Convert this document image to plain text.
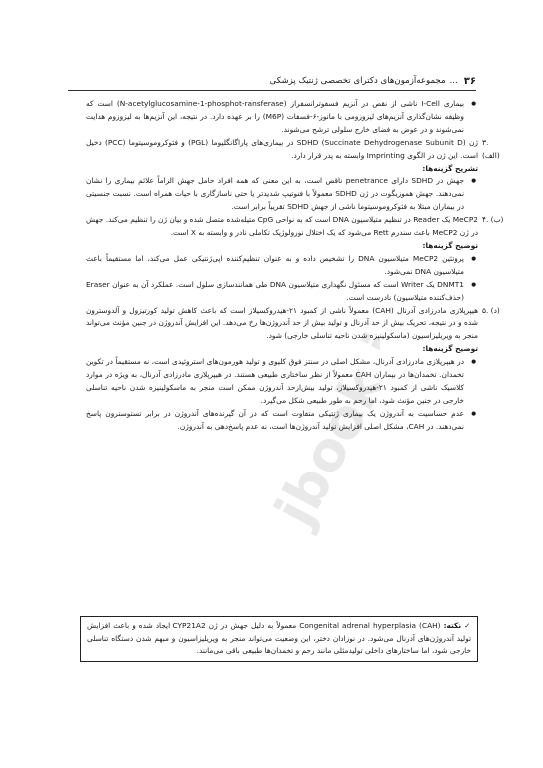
۳۶
...
مجموعه‌آزمون‌های دکترای تخصصی ژنتیک پزشکی
jbook.ir
● بیماری I-Cell ناشی از نقص در آنزیم فسفوترانسفراز (N-acetylglucosamine-1-phosphot-ransferase) است که وظیفه نشان‌گذاری آنزیم‌های لیزوزومی با مانوز-۶-فسفات (M6P) را بر عهده دارد. در نتیجه، این آنزیم‌ها به لیزوزوم هدایت نمی‌شوند و در عوض به فضای خارج سلولی ترشح می‌شوند.
۳. (الف)
ژن SDHD (Succinate Dehydrogenase Subunit D) در بیماری‌های پاراگانگلیوما (PGL) و فئوکروموسیتوما (PCC) دخیل است. این ژن در الگوی Imprinting وابسته به پدر قرار دارد.
تشریح گزینه‌ها:
● جهش در SDHD دارای penetrance ناقص است، به این معنی که همه افراد حامل جهش الزاماً علائم بیماری را نشان نمی‌دهند. جهش هموزیگوت در ژن SDHD معمولاً با فنوتیپ شدیدتر یا حتی ناسازگاری با حیات همراه است. نسبت جنسیتی در بیماران مبتلا به فئوکروموسیتوما ناشی از جهش SDHD تقریباً برابر است.
۴. (ب)
MeCP2 یک Reader در تنظیم متیلاسیون DNA است که به نواحی CpG متیله‌شده متصل شده و بیان ژن را تنظیم می‌کند. جهش در ژن MeCP2 باعث سندرم Rett می‌شود که یک اختلال نورولوژیک تکاملی نادر و وابسته به X است.
توضیح گزینه‌ها:
● پروتئین MeCP2 متیلاسیون DNA را تشخیص داده و به عنوان تنظیم‌کننده اپی‌ژنتیکی عمل می‌کند، اما مستقیماً باعث متیلاسیون DNA نمی‌شود.
● DNMT1 یک Writer است که مسئول نگهداری متیلاسیون DNA طی همانندسازی سلول است. عملکرد آن به عنوان Eraser (حذف‌کننده متیلاسیون) نادرست است.
۵. (د)
هیپرپلازی مادرزادی آدرنال (CAH) معمولاً ناشی از کمبود ۲۱-هیدروکسیلاز است که باعث کاهش تولید کورتیزول و آلدوسترون شده و در نتیجه، تحریک بیش از حد آدرنال و تولید بیش از حد آندروژن‌ها رخ می‌دهد. این افزایش آندروژن در جنین مؤنث می‌تواند منجر به ویریلیزاسیون (ماسکولینیزه شدن ناحیه تناسلی خارجی) شود.
توضیح گزینه‌ها:
● در هیپرپلازی مادرزادی آدرنال، مشکل اصلی در سنتز فوق کلیوی و تولید هورمون‌های استروئیدی است، نه مستقیماً در تکوین تخمدان. تخمدان‌ها در بیماران CAH معمولاً از نظر ساختاری طبیعی هستند. در هیپرپلازی مادرزادی آدرنال، به ویژه در موارد کلاسیک ناشی از کمبود ۲۱-هیدروکسیلاز، تولید بیش‌ازحد آندروژن ممکن است منجر به ماسکولینیزه شدن ناحیه تناسلی خارجی در جنین مؤنث شود، اما رحم به طور طبیعی شکل می‌گیرد.
● عدم حساسیت به آندروژن یک بیماری ژنتیکی متفاوت است که در آن گیرنده‌های آندروژن در برابر تستوسترون پاسخ نمی‌دهند. در CAH، مشکل اصلی افزایش تولید آندروژن‌ها است، نه عدم پاسخ‌دهی به آندروژن.
✓ نکته: Congenital adrenal hyperplasia (CAH) معمولاً به دلیل جهش در ژن CYP21A2 ایجاد شده و باعث افزایش تولید آندروژن‌های آدرنال می‌شود. در نوزادان دختر، این وضعیت می‌تواند منجر به ویریلیزاسیون و مبهم شدن دستگاه تناسلی خارجی شود، اما ساختارهای داخلی تولیدمثلی مانند رحم و تخمدان‌ها طبیعی باقی می‌مانند.
